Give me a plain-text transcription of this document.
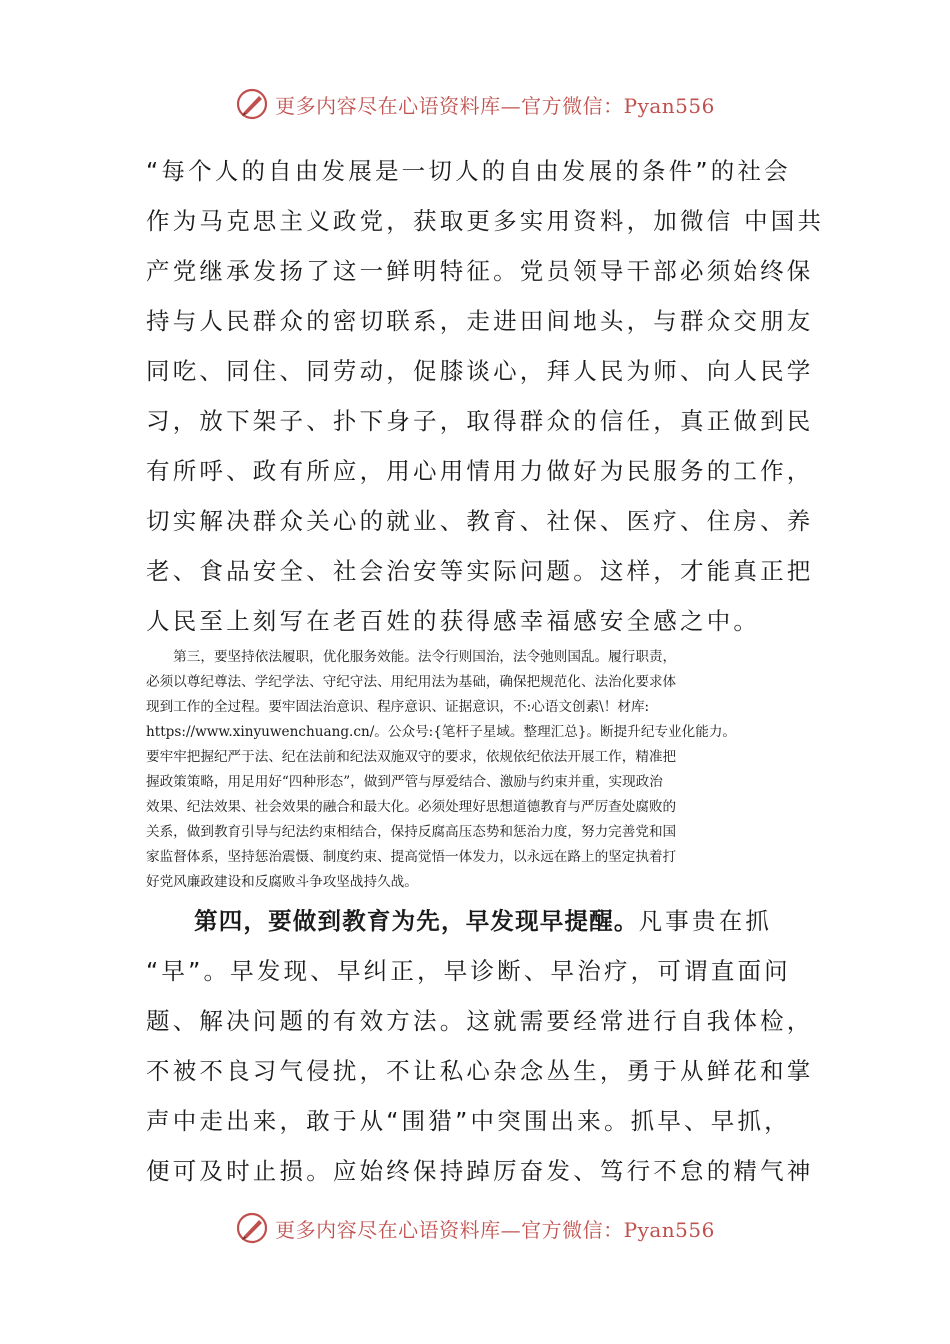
更多内容尽在心语资料库—官方微信：Pyan556
“每个人的自由发展是一切人的自由发展的条件”的社会
作为马克思主义政党，获取更多实用资料，加微信 中国共
产党继承发扬了这一鲜明特征。党员领导干部必须始终保
持与人民群众的密切联系，走进田间地头，与群众交朋友
同吃、同住、同劳动，促膝谈心，拜人民为师、向人民学
习，放下架子、扑下身子，取得群众的信任，真正做到民
有所呼、政有所应，用心用情用力做好为民服务的工作，
切实解决群众关心的就业、教育、社保、医疗、住房、养
老、食品安全、社会治安等实际问题。这样，才能真正把
人民至上刻写在老百姓的获得感幸福感安全感之中。
　　第三，要坚持依法履职，优化服务效能。法令行则国治，法令弛则国乱。履行职责，
必须以尊纪尊法、学纪学法、守纪守法、用纪用法为基础，确保把规范化、法治化要求体
现到工作的全过程。要牢固法治意识、程序意识、证据意识，不:心语文创素\！材库:
https://www.xinyuwenchuang.cn/。公众号:{笔杆子星域。整理汇总}。断提升纪专业化能力。
要牢牢把握纪严于法、纪在法前和纪法双施双守的要求，依规依纪依法开展工作，精准把
握政策策略，用足用好“四种形态”，做到严管与厚爱结合、激励与约束并重，实现政治
效果、纪法效果、社会效果的融合和最大化。必须处理好思想道德教育与严厉查处腐败的
关系，做到教育引导与纪法约束相结合，保持反腐高压态势和惩治力度，努力完善党和国
家监督体系，坚持惩治震慑、制度约束、提高觉悟一体发力，以永远在路上的坚定执着打
好党风廉政建设和反腐败斗争攻坚战持久战。
第四，要做到教育为先，早发现早提醒。凡事贵在抓
“早”。早发现、早纠正，早诊断、早治疗，可谓直面问
题、解决问题的有效方法。这就需要经常进行自我体检，
不被不良习气侵扰，不让私心杂念丛生，勇于从鲜花和掌
声中走出来，敢于从“围猎”中突围出来。抓早、早抓，
便可及时止损。应始终保持踔厉奋发、笃行不怠的精气神
更多内容尽在心语资料库—官方微信：Pyan556
